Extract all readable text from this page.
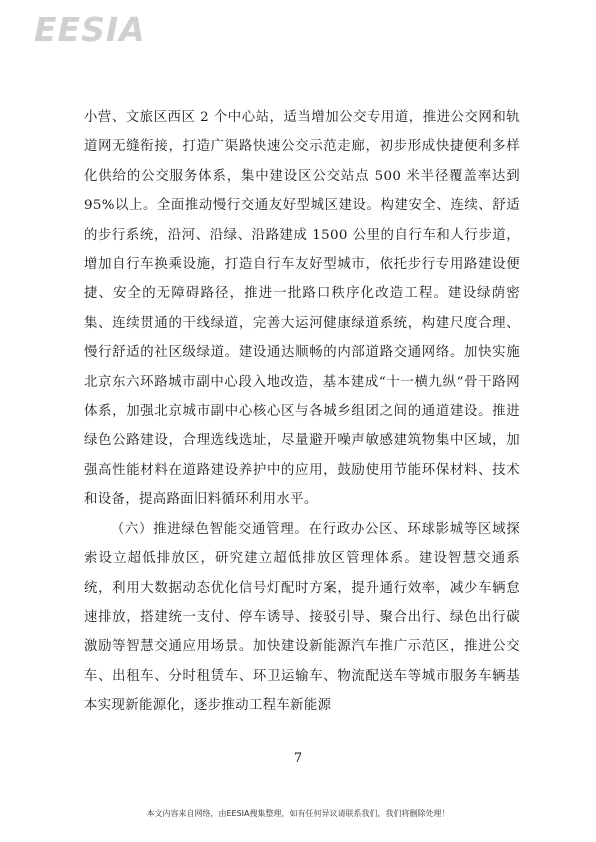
EESIA

小营、文旅区西区 2 个中心站，适当增加公交专用道，推进公交网和轨道网无缝衔接，打造广渠路快速公交示范走廊，初步形成快捷便利多样化供给的公交服务体系，集中建设区公交站点 500 米半径覆盖率达到 95%以上。全面推动慢行交通友好型城区建设。构建安全、连续、舒适的步行系统，沿河、沿绿、沿路建成 1500 公里的自行车和人行步道，增加自行车换乘设施，打造自行车友好型城市，依托步行专用路建设便捷、安全的无障碍路径，推进一批路口秩序化改造工程。建设绿荫密集、连续贯通的干线绿道，完善大运河健康绿道系统，构建尺度合理、慢行舒适的社区级绿道。建设通达顺畅的内部道路交通网络。加快实施北京东六环路城市副中心段入地改造，基本建成“十一横九纵”骨干路网体系，加强北京城市副中心核心区与各城乡组团之间的通道建设。推进绿色公路建设，合理选线选址，尽量避开噪声敏感建筑物集中区域，加强高性能材料在道路建设养护中的应用，鼓励使用节能环保材料、技术和设备，提高路面旧料循环利用水平。

（六）推进绿色智能交通管理。在行政办公区、环球影城等区域探索设立超低排放区，研究建立超低排放区管理体系。建设智慧交通系统，利用大数据动态优化信号灯配时方案，提升通行效率，减少车辆怠速排放，搭建统一支付、停车诱导、接驳引导、聚合出行、绿色出行碳激励等智慧交通应用场景。加快建设新能源汽车推广示范区，推进公交车、出租车、分时租赁车、环卫运输车、物流配送车等城市服务车辆基本实现新能源化，逐步推动工程车新能源

7
本文内容来自网络，由EESIA搜集整理，如有任何异议请联系我们，我们将删除处理！
